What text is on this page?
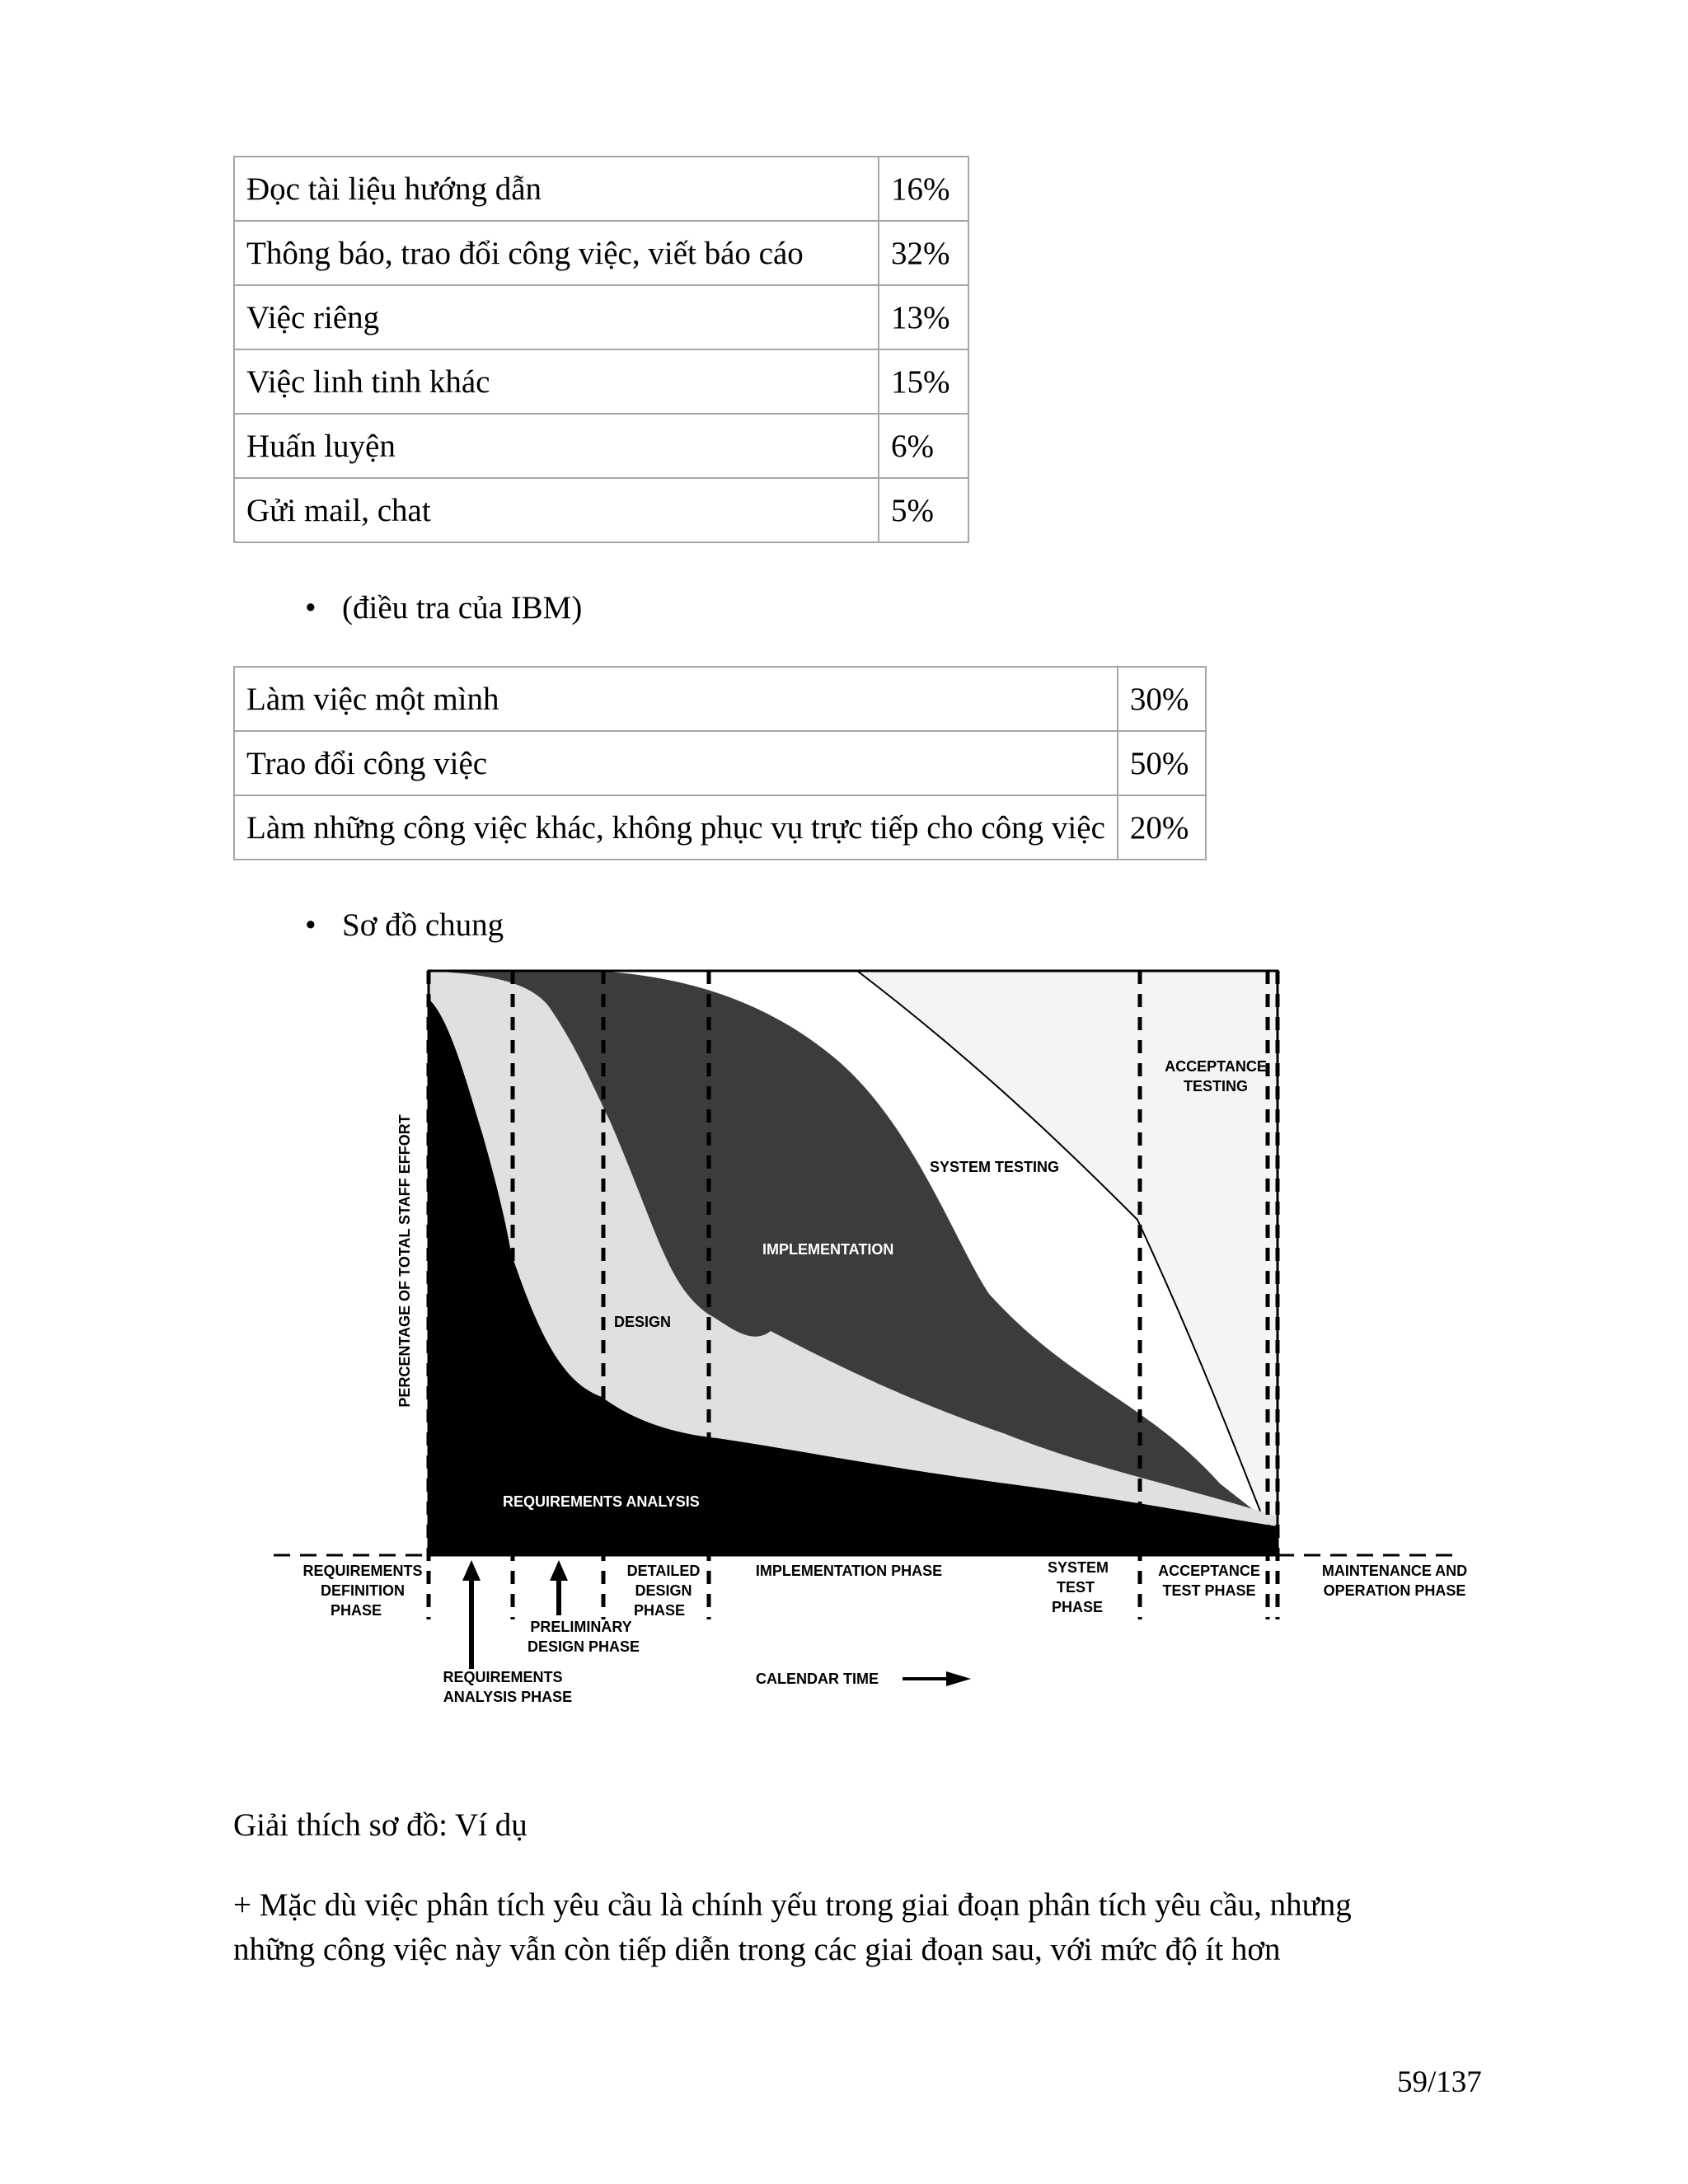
Đọc tài liệu hướng dẫn	16%
Thông báo, trao đổi công việc, viết báo cáo	32%
Việc riêng	13%
Việc linh tinh khác	15%
Huấn luyện	6%
Gửi mail, chat	5%
• (điều tra của IBM)
Làm việc một mình	30%
Trao đổi công việc	50%
Làm những công việc khác, không phục vụ trực tiếp cho công việc	20%
• Sơ đồ chung
PERCENTAGE OF TOTAL STAFF EFFORT
REQUIREMENTS ANALYSIS
DESIGN
IMPLEMENTATION
SYSTEM TESTING
ACCEPTANCE
TESTING
REQUIREMENTS
DEFINITION
PHASE
REQUIREMENTS
ANALYSIS PHASE
PRELIMINARY
DESIGN PHASE
DETAILED
DESIGN
PHASE
IMPLEMENTATION PHASE	SYSTEM
TEST
PHASE
ACCEPTANCE
TEST PHASE
MAINTENANCE AND
OPERATION PHASE
CALENDAR TIME
Giải thích sơ đồ: Ví dụ
+ Mặc dù việc phân tích yêu cầu là chính yếu trong giai đoạn phân tích yêu cầu, nhưng
những công việc này vẫn còn tiếp diễn trong các giai đoạn sau, với mức độ ít hơn
59/137
